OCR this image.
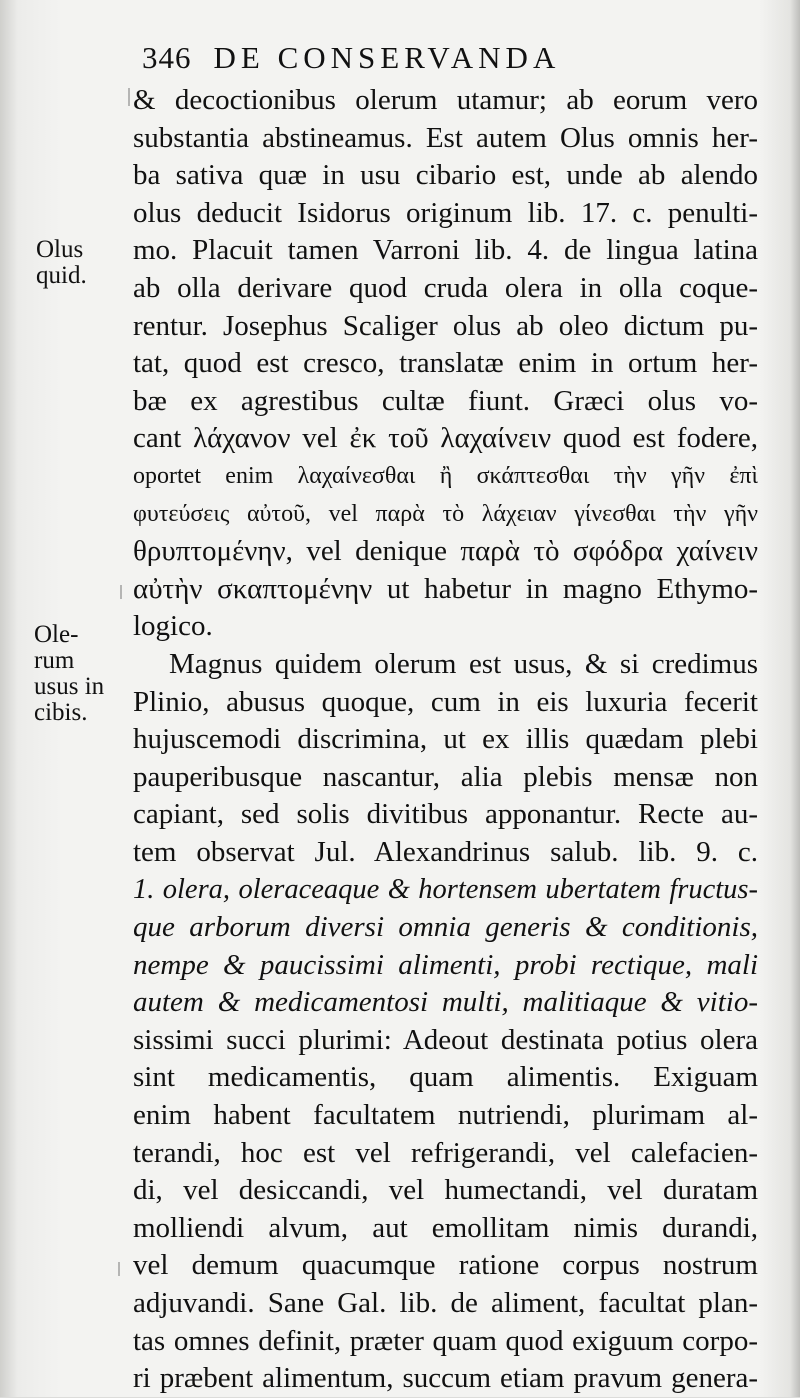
346 DE CONSERVANDA
Olus quid.
Ole- rum usus in cibis.
& decoctionibus olerum utamur; ab eorum vero
substantia abstineamus. Est autem Olus omnis her-
ba sativa quæ in usu cibario est, unde ab alendo
olus deducit Isidorus originum lib. 17. c. penulti-
mo. Placuit tamen Varroni lib. 4. de lingua latina
ab olla derivare quod cruda olera in olla coque-
rentur. Josephus Scaliger olus ab oleo dictum pu-
tat, quod est cresco, translatæ enim in ortum her-
bæ ex agrestibus cultæ fiunt. Græci olus vo-
cant λάχανον vel ἐκ τοῦ λαχαίνειν quod est fodere,
oportet enim λαχαίνεσθαι ἢ σκάπτεσθαι τὴν γῆν ἐπὶ
φυτεύσεις αὐτοῦ, vel παρὰ τὸ λάχειαν γίνεσθαι τὴν γῆν
θρυπτομένην, vel denique παρὰ τὸ σφόδρα χαίνειν
αὐτὴν σκαπτομένην ut habetur in magno Ethymo-
logico.
Magnus quidem olerum est usus, & si credimus
Plinio, abusus quoque, cum in eis luxuria fecerit
hujuscemodi discrimina, ut ex illis quædam plebi
pauperibusque nascantur, alia plebis mensæ non
capiant, sed solis divitibus apponantur. Recte au-
tem observat Jul. Alexandrinus salub. lib. 9. c.
1. olera, oleraceaque & hortensem ubertatem fructus-
que arborum diversi omnia generis & conditionis,
nempe & paucissimi alimenti, probi rectique, mali
autem & medicamentosi multi, malitiaque & vitio-
sissimi succi plurimi: Adeout destinata potius olera
sint medicamentis, quam alimentis. Exiguam
enim habent facultatem nutriendi, plurimam al-
terandi, hoc est vel refrigerandi, vel calefacien-
di, vel desiccandi, vel humectandi, vel duratam
molliendi alvum, aut emollitam nimis durandi,
vel demum quacumque ratione corpus nostrum
adjuvandi. Sane Gal. lib. de aliment, facultat plan-
tas omnes definit, præter quam quod exiguum corpo-
ri præbent alimentum, succum etiam pravum genera-
